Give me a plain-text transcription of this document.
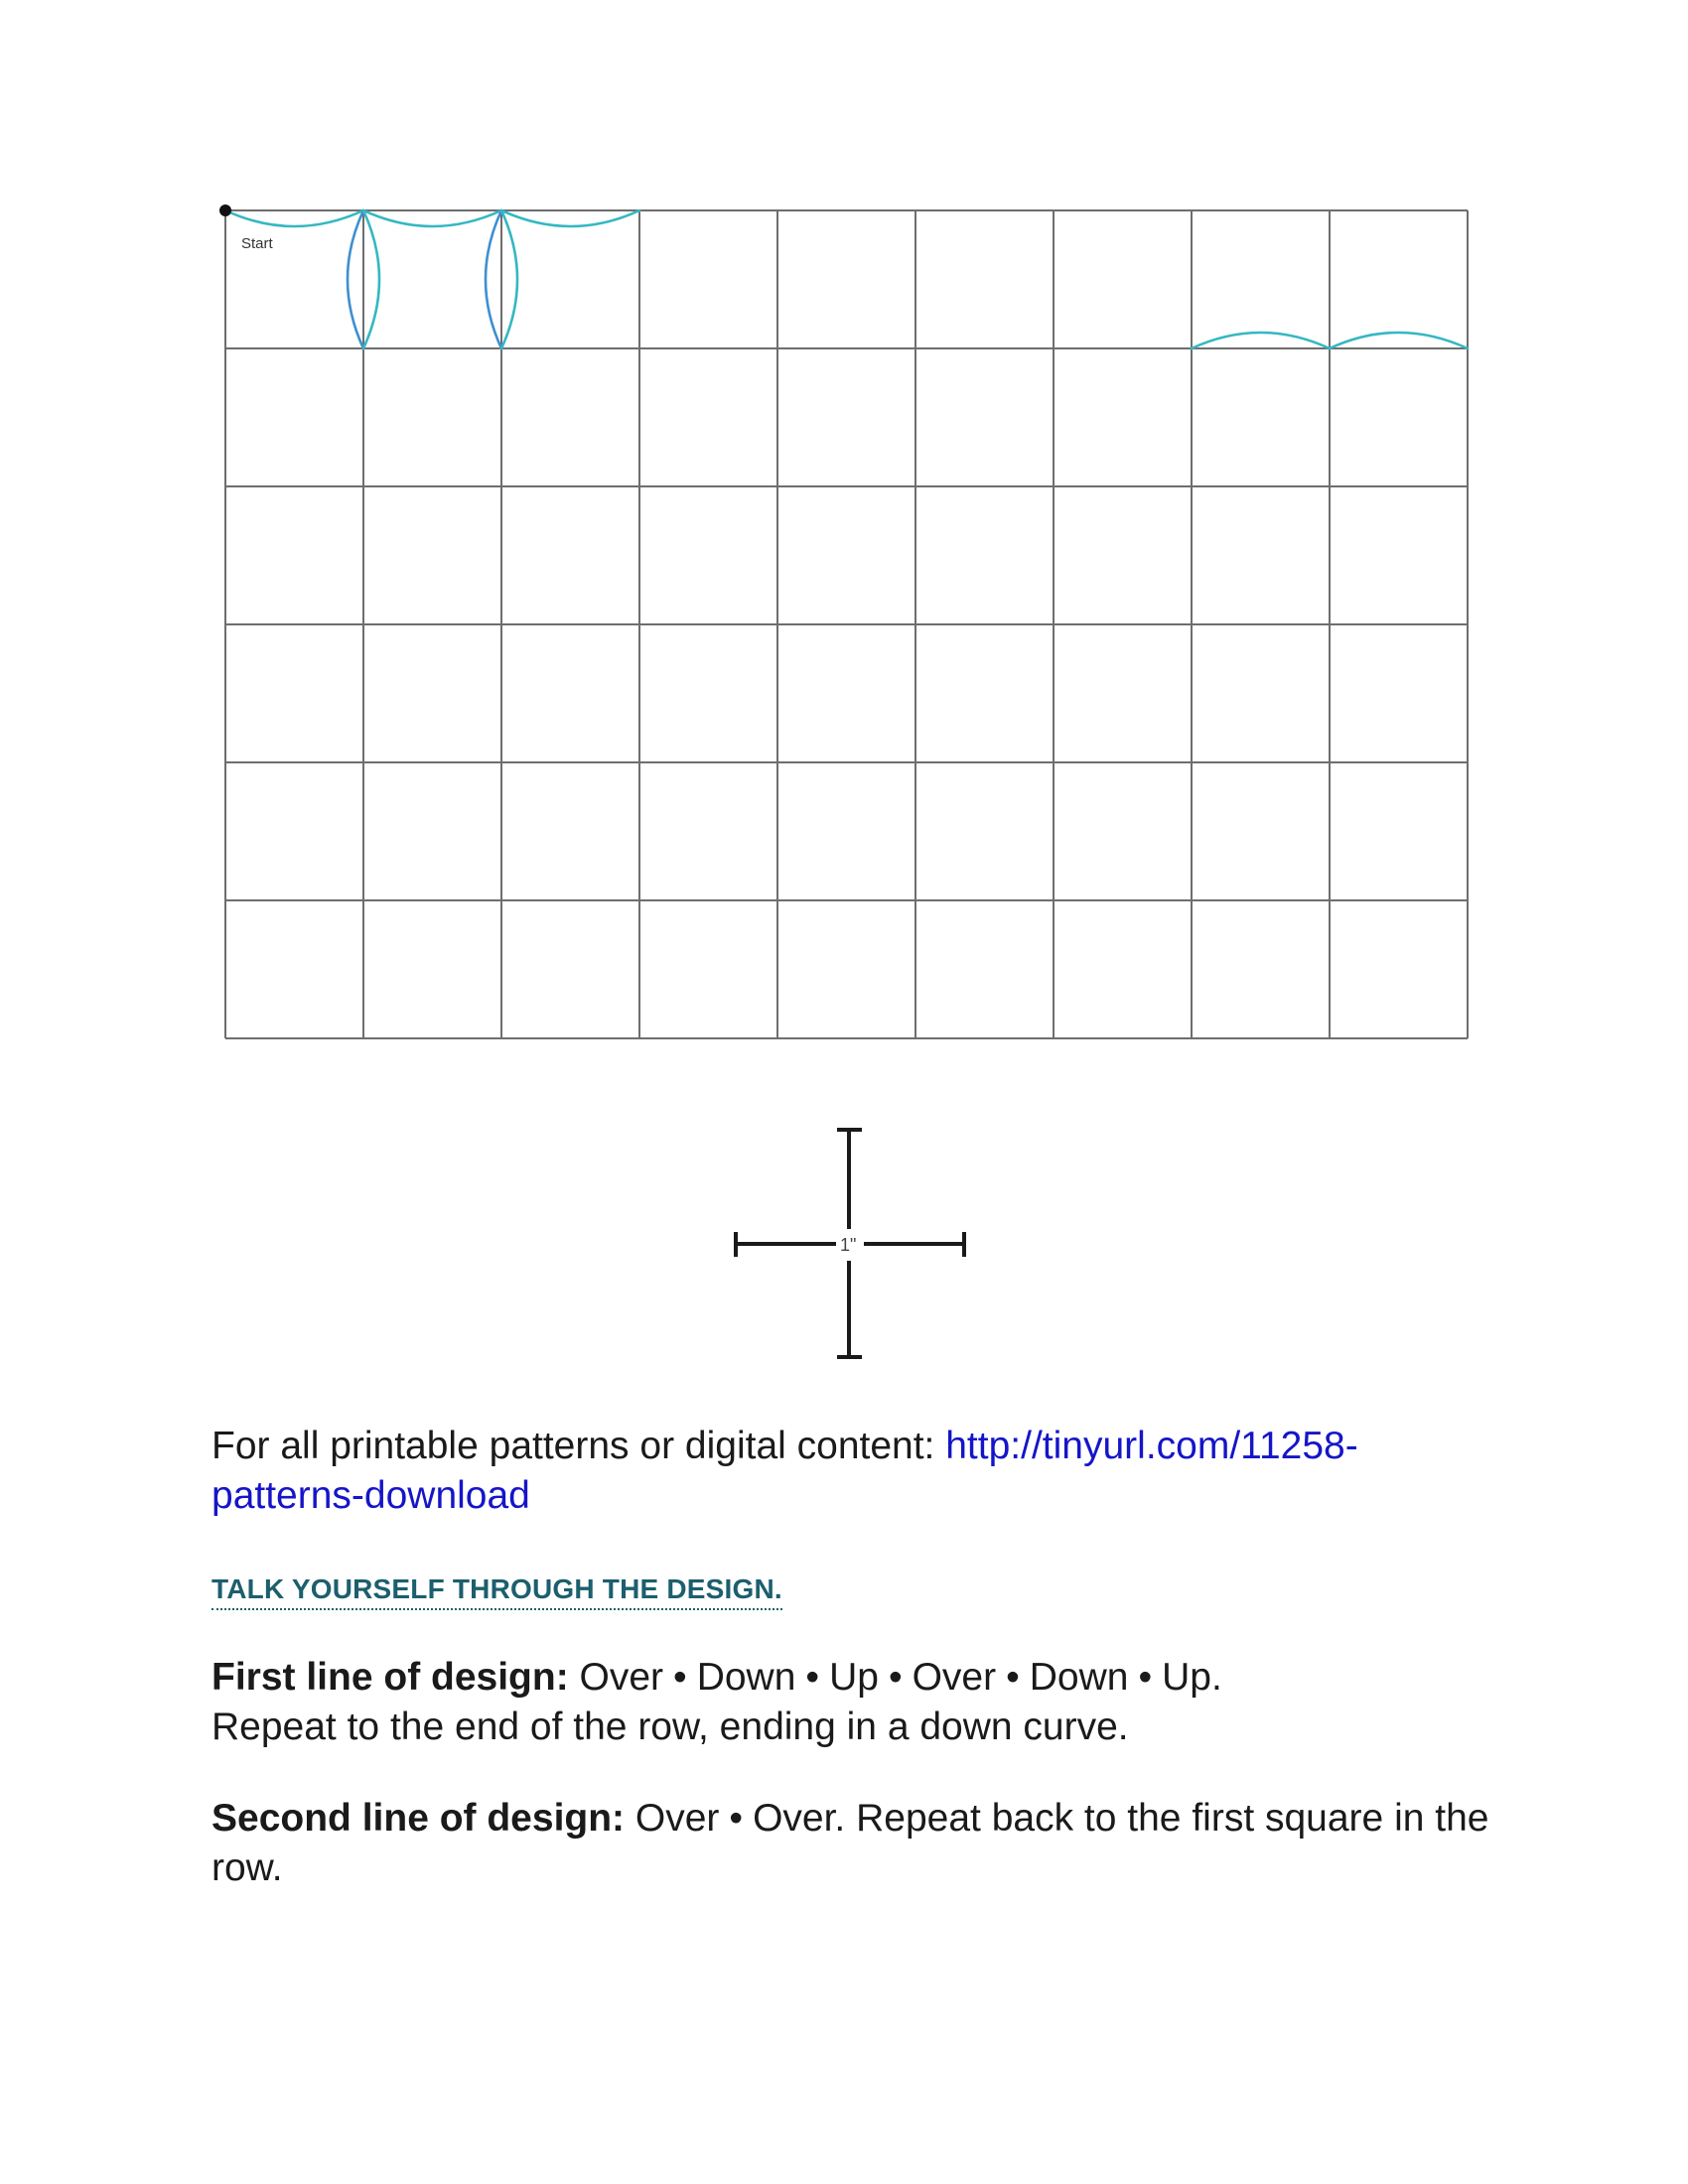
Start
1"
For all printable patterns or digital content: http://tinyurl.com/11258-
patterns-download
TALK YOURSELF THROUGH THE DESIGN.
First line of design: Over • Down • Up • Over • Down • Up.
Repeat to the end of the row, ending in a down curve.
Second line of design: Over • Over. Repeat back to the first square in the row.
